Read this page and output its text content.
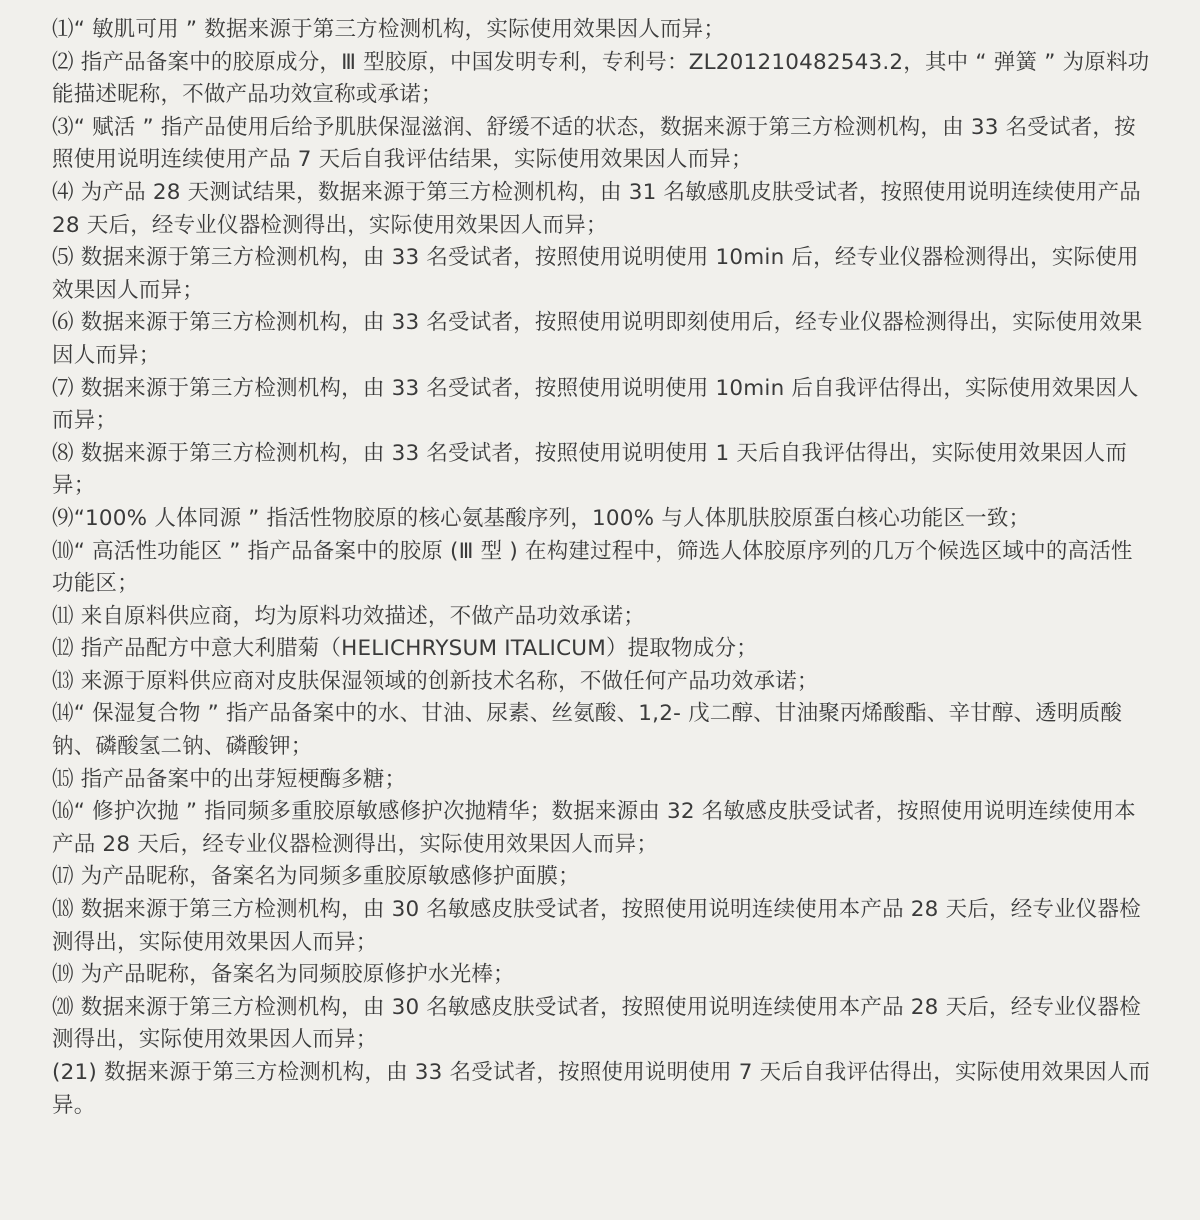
⑴“ 敏肌可用 ” 数据来源于第三方检测机构，实际使用效果因人而异；

⑵ 指产品备案中的胶原成分，Ⅲ 型胶原，中国发明专利，专利号：ZL201210482543.2，其中 “ 弹簧 ” 为原料功能描述昵称，不做产品功效宣称或承诺；

⑶“ 赋活 ” 指产品使用后给予肌肤保湿滋润、舒缓不适的状态，数据来源于第三方检测机构，由 33 名受试者，按照使用说明连续使用产品 7 天后自我评估结果，实际使用效果因人而异；

⑷ 为产品 28 天测试结果，数据来源于第三方检测机构，由 31 名敏感肌皮肤受试者，按照使用说明连续使用产品 28 天后，经专业仪器检测得出，实际使用效果因人而异；

⑸ 数据来源于第三方检测机构，由 33 名受试者，按照使用说明使用 10min 后，经专业仪器检测得出，实际使用效果因人而异；

⑹ 数据来源于第三方检测机构，由 33 名受试者，按照使用说明即刻使用后，经专业仪器检测得出，实际使用效果因人而异；

⑺ 数据来源于第三方检测机构，由 33 名受试者，按照使用说明使用 10min 后自我评估得出，实际使用效果因人而异；

⑻ 数据来源于第三方检测机构，由 33 名受试者，按照使用说明使用 1 天后自我评估得出，实际使用效果因人而异；

⑼“100% 人体同源 ” 指活性物胶原的核心氨基酸序列，100% 与人体肌肤胶原蛋白核心功能区一致；

⑽“ 高活性功能区 ” 指产品备案中的胶原 (Ⅲ 型 ) 在构建过程中，筛选人体胶原序列的几万个候选区域中的高活性功能区；

⑾ 来自原料供应商，均为原料功效描述，不做产品功效承诺；

⑿ 指产品配方中意大利腊菊（HELICHRYSUM ITALICUM）提取物成分；

⒀ 来源于原料供应商对皮肤保湿领域的创新技术名称，不做任何产品功效承诺；

⒁“ 保湿复合物 ” 指产品备案中的水、甘油、尿素、丝氨酸、1,2- 戊二醇、甘油聚丙烯酸酯、辛甘醇、透明质酸钠、磷酸氢二钠、磷酸钾；

⒂ 指产品备案中的出芽短梗酶多糖；

⒃“ 修护次抛 ” 指同频多重胶原敏感修护次抛精华；数据来源由 32 名敏感皮肤受试者，按照使用说明连续使用本产品 28 天后，经专业仪器检测得出，实际使用效果因人而异；

⒄ 为产品昵称，备案名为同频多重胶原敏感修护面膜；

⒅ 数据来源于第三方检测机构，由 30 名敏感皮肤受试者，按照使用说明连续使用本产品 28 天后，经专业仪器检测得出，实际使用效果因人而异；

⒆ 为产品昵称，备案名为同频胶原修护水光棒；

⒇ 数据来源于第三方检测机构，由 30 名敏感皮肤受试者，按照使用说明连续使用本产品 28 天后，经专业仪器检测得出，实际使用效果因人而异；

(21) 数据来源于第三方检测机构，由 33 名受试者，按照使用说明使用 7 天后自我评估得出，实际使用效果因人而异。
